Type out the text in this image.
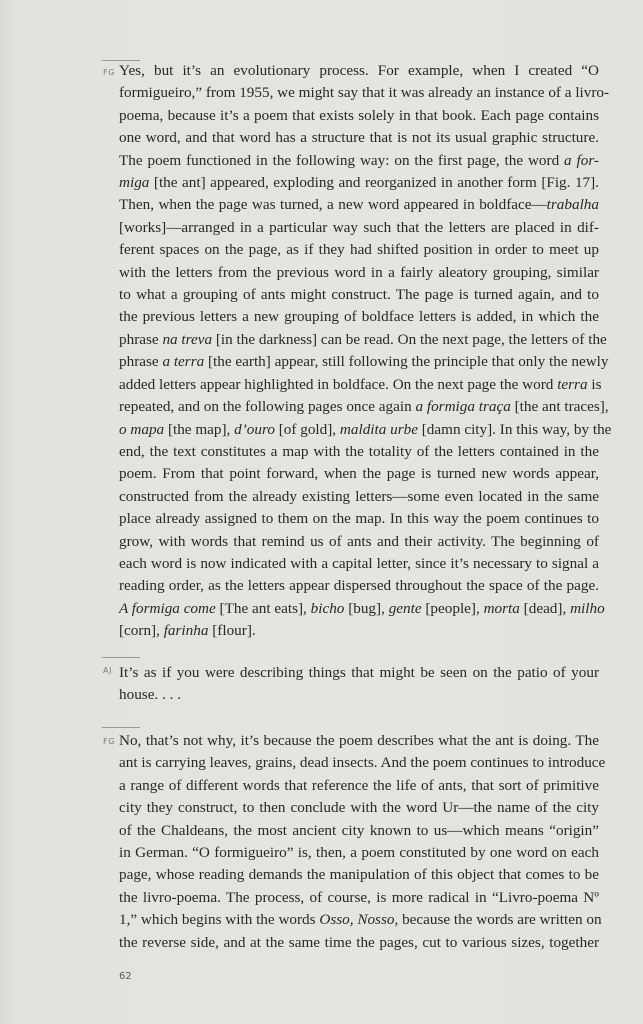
FG Yes, but it’s an evolutionary process. For example, when I created “O
formigueiro,” from 1955, we might say that it was already an instance of a livro-
poema, because it’s a poem that exists solely in that book. Each page contains
one word, and that word has a structure that is not its usual graphic structure.
The poem functioned in the following way: on the first page, the word a for-
miga [the ant] appeared, exploding and reorganized in another form [Fig. 17].
Then, when the page was turned, a new word appeared in boldface—trabalha
[works]—arranged in a particular way such that the letters are placed in dif-
ferent spaces on the page, as if they had shifted position in order to meet up
with the letters from the previous word in a fairly aleatory grouping, similar
to what a grouping of ants might construct. The page is turned again, and to
the previous letters a new grouping of boldface letters is added, in which the
phrase na treva [in the darkness] can be read. On the next page, the letters of the
phrase a terra [the earth] appear, still following the principle that only the newly
added letters appear highlighted in boldface. On the next page the word terra is
repeated, and on the following pages once again a formiga traça [the ant traces],
o mapa [the map], d’ouro [of gold], maldita urbe [damn city]. In this way, by the
end, the text constitutes a map with the totality of the letters contained in the
poem. From that point forward, when the page is turned new words appear,
constructed from the already existing letters—some even located in the same
place already assigned to them on the map. In this way the poem continues to
grow, with words that remind us of ants and their activity. The beginning of
each word is now indicated with a capital letter, since it’s necessary to signal a
reading order, as the letters appear dispersed throughout the space of the page.
A formiga come [The ant eats], bicho [bug], gente [people], morta [dead], milho
[corn], farinha [flour].

AJ It’s as if you were describing things that might be seen on the patio of your
house. . . .

FG No, that’s not why, it’s because the poem describes what the ant is doing. The
ant is carrying leaves, grains, dead insects. And the poem continues to introduce
a range of different words that reference the life of ants, that sort of primitive
city they construct, to then conclude with the word Ur—the name of the city
of the Chaldeans, the most ancient city known to us—which means “origin”
in German. “O formigueiro” is, then, a poem constituted by one word on each
page, whose reading demands the manipulation of this object that comes to be
the livro-poema. The process, of course, is more radical in “Livro-poema Nº
1,” which begins with the words Osso, Nosso, because the words are written on
the reverse side, and at the same time the pages, cut to various sizes, together

62
